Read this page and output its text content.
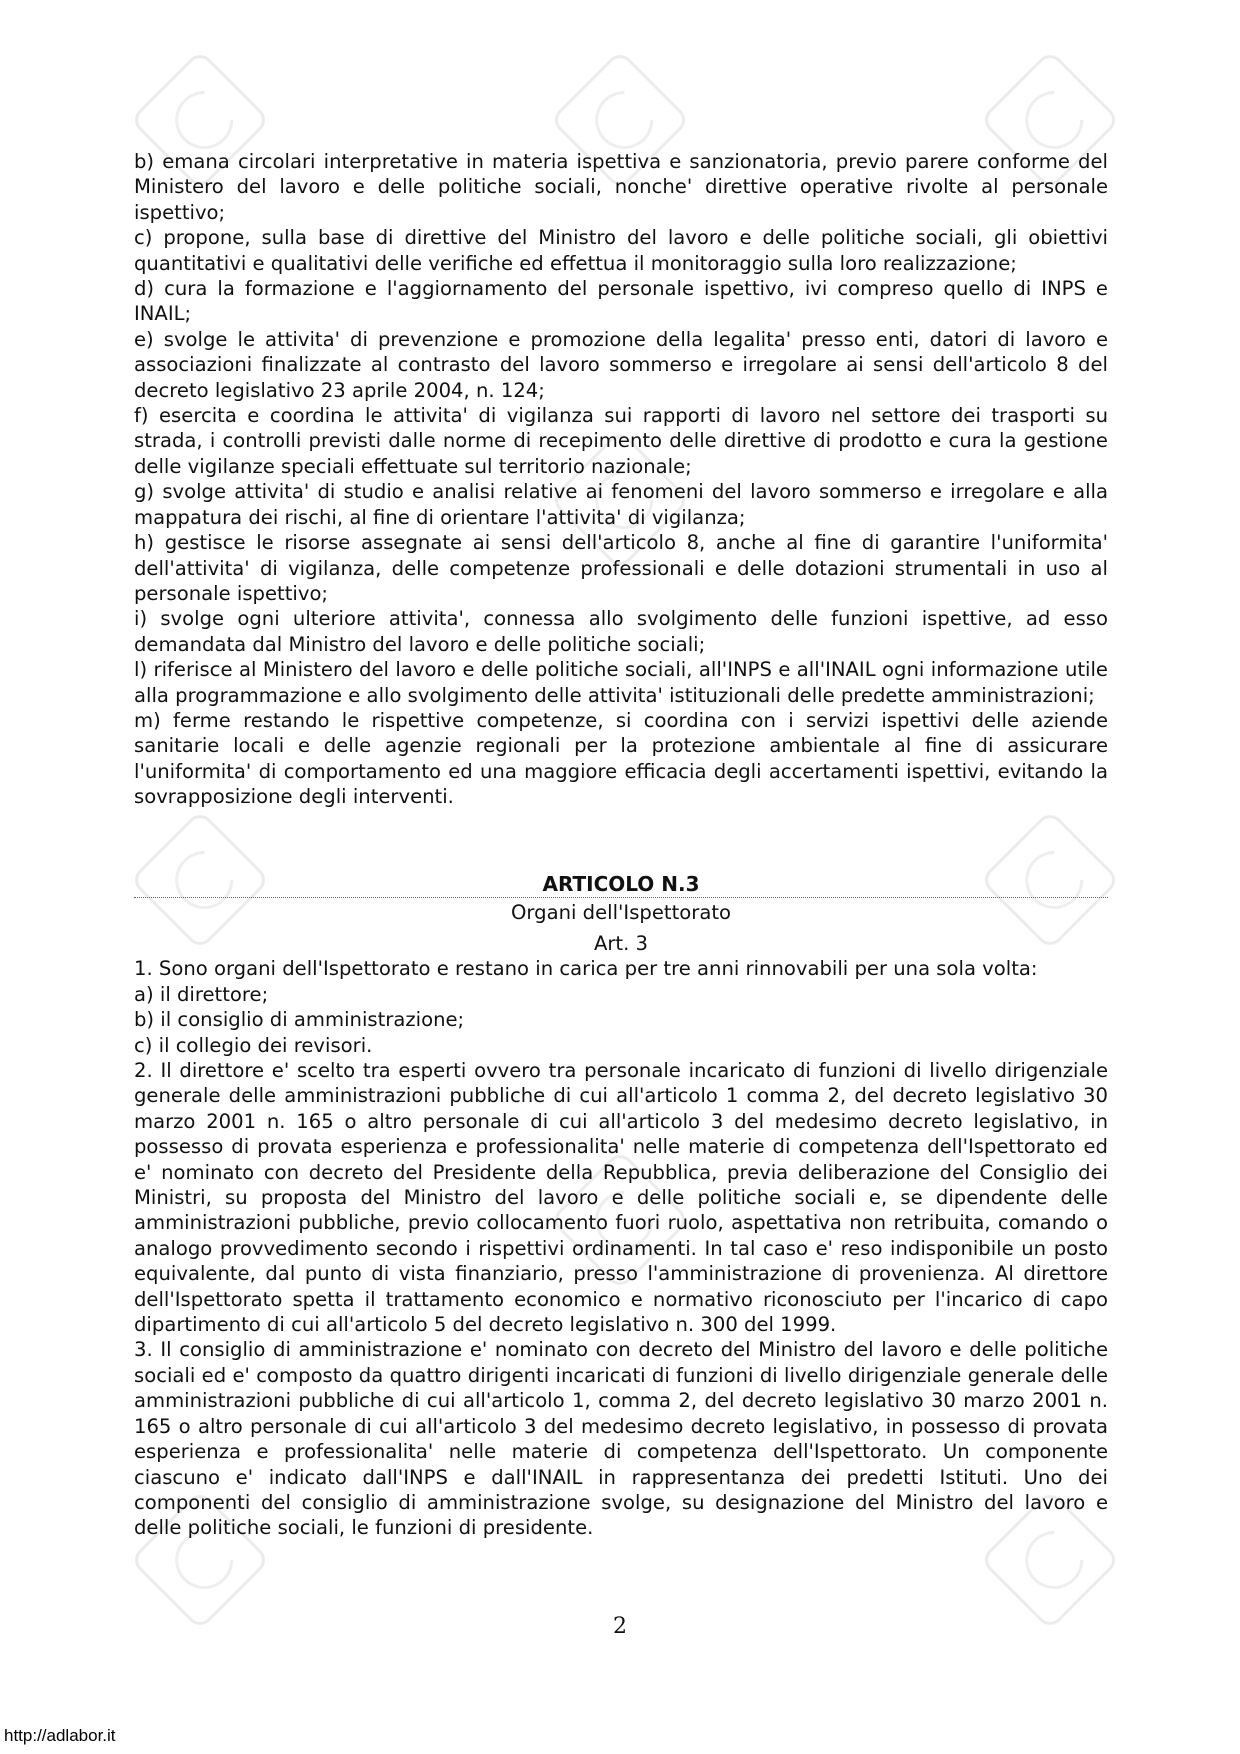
b) emana circolari interpretative in materia ispettiva e sanzionatoria, previo parere conforme del Ministero del lavoro e delle politiche sociali, nonche' direttive operative rivolte al personale ispettivo;

c) propone, sulla base di direttive del Ministro del lavoro e delle politiche sociali, gli obiettivi quantitativi e qualitativi delle verifiche ed effettua il monitoraggio sulla loro realizzazione;

d) cura la formazione e l'aggiornamento del personale ispettivo, ivi compreso quello di INPS e INAIL;

e) svolge le attivita' di prevenzione e promozione della legalita' presso enti, datori di lavoro e associazioni finalizzate al contrasto del lavoro sommerso e irregolare ai sensi dell'articolo 8 del decreto legislativo 23 aprile 2004, n. 124;

f) esercita e coordina le attivita' di vigilanza sui rapporti di lavoro nel settore dei trasporti su strada, i controlli previsti dalle norme di recepimento delle direttive di prodotto e cura la gestione delle vigilanze speciali effettuate sul territorio nazionale;

g) svolge attivita' di studio e analisi relative ai fenomeni del lavoro sommerso e irregolare e alla mappatura dei rischi, al fine di orientare l'attivita' di vigilanza;

h) gestisce le risorse assegnate ai sensi dell'articolo 8, anche al fine di garantire l'uniformita' dell'attivita' di vigilanza, delle competenze professionali e delle dotazioni strumentali in uso al personale ispettivo;

i) svolge ogni ulteriore attivita', connessa allo svolgimento delle funzioni ispettive, ad esso demandata dal Ministro del lavoro e delle politiche sociali;

l) riferisce al Ministero del lavoro e delle politiche sociali, all'INPS e all'INAIL ogni informazione utile alla programmazione e allo svolgimento delle attivita' istituzionali delle predette amministrazioni;

m) ferme restando le rispettive competenze, si coordina con i servizi ispettivi delle aziende sanitarie locali e delle agenzie regionali per la protezione ambientale al fine di assicurare l'uniformita' di comportamento ed una maggiore efficacia degli accertamenti ispettivi, evitando la sovrapposizione degli interventi.

ARTICOLO N.3
Organi dell'Ispettorato
Art. 3

1. Sono organi dell'Ispettorato e restano in carica per tre anni rinnovabili per una sola volta:

a) il direttore;

b) il consiglio di amministrazione;

c) il collegio dei revisori.

2. Il direttore e' scelto tra esperti ovvero tra personale incaricato di funzioni di livello dirigenziale generale delle amministrazioni pubbliche di cui all'articolo 1 comma 2, del decreto legislativo 30 marzo 2001 n. 165 o altro personale di cui all'articolo 3 del medesimo decreto legislativo, in possesso di provata esperienza e professionalita' nelle materie di competenza dell'Ispettorato ed e' nominato con decreto del Presidente della Repubblica, previa deliberazione del Consiglio dei Ministri, su proposta del Ministro del lavoro e delle politiche sociali e, se dipendente delle amministrazioni pubbliche, previo collocamento fuori ruolo, aspettativa non retribuita, comando o analogo provvedimento secondo i rispettivi ordinamenti. In tal caso e' reso indisponibile un posto equivalente, dal punto di vista finanziario, presso l'amministrazione di provenienza. Al direttore dell'Ispettorato spetta il trattamento economico e normativo riconosciuto per l'incarico di capo dipartimento di cui all'articolo 5 del decreto legislativo n. 300 del 1999.

3. Il consiglio di amministrazione e' nominato con decreto del Ministro del lavoro e delle politiche sociali ed e' composto da quattro dirigenti incaricati di funzioni di livello dirigenziale generale delle amministrazioni pubbliche di cui all'articolo 1, comma 2, del decreto legislativo 30 marzo 2001 n. 165 o altro personale di cui all'articolo 3 del medesimo decreto legislativo, in possesso di provata esperienza e professionalita' nelle materie di competenza dell'Ispettorato. Un componente ciascuno e' indicato dall'INPS e dall'INAIL in rappresentanza dei predetti Istituti. Uno dei componenti del consiglio di amministrazione svolge, su designazione del Ministro del lavoro e delle politiche sociali, le funzioni di presidente.

2
http://adlabor.it
